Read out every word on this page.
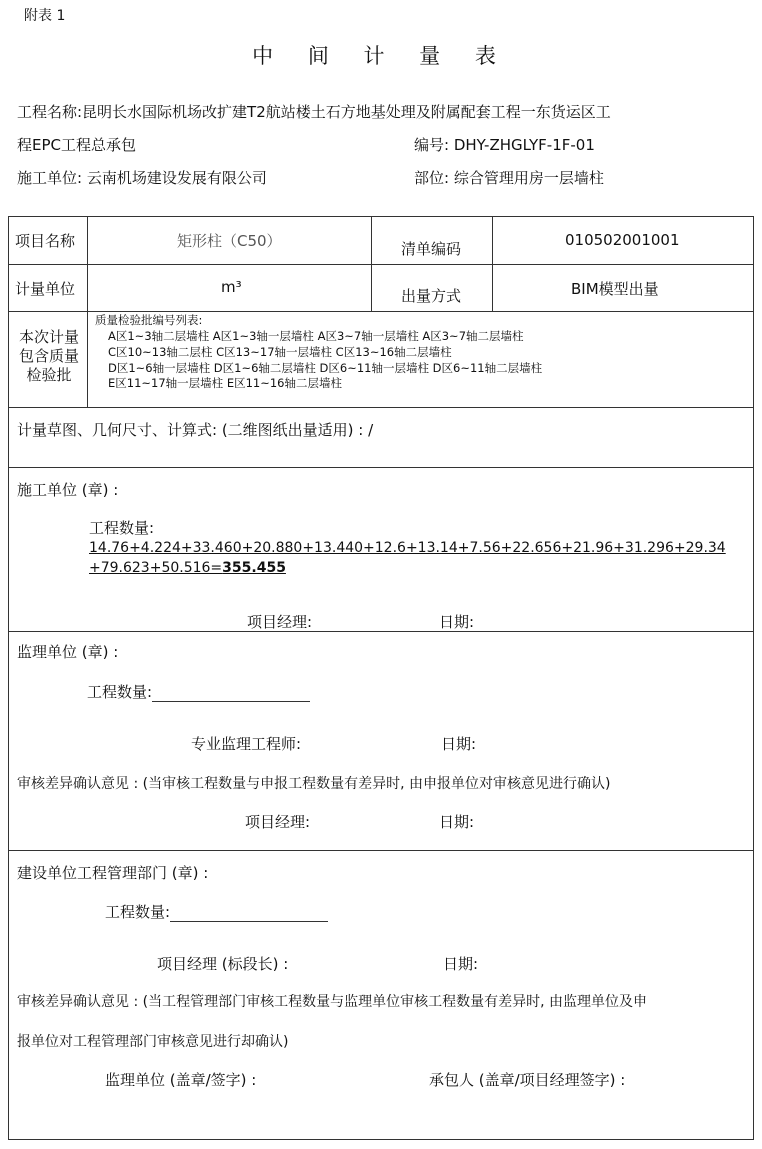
附表 1
中 间 计 量 表
工程名称:昆明长水国际机场改扩建T2航站楼土石方地基处理及附属配套工程一东货运区工
程EPC工程总承包	编号: DHY-ZHGLYF-1F-01
施工单位: 云南机场建设发展有限公司	部位: 综合管理用房一层墙柱
项目名称	矩形柱（C50）	清单编码	010502001001
计量单位	m³	出量方式	BIM模型出量
本次计量包含质量检验批
质量检验批编号列表:
A区1~3轴二层墙柱 A区1~3轴一层墙柱 A区3~7轴一层墙柱 A区3~7轴二层墙柱
C区10~13轴二层柱 C区13~17轴一层墙柱 C区13~16轴二层墙柱
D区1~6轴一层墙柱 D区1~6轴二层墙柱 D区6~11轴一层墙柱 D区6~11轴二层墙柱
E区11~17轴一层墙柱 E区11~16轴二层墙柱
计量草图、几何尺寸、计算式: (二维图纸出量适用) : /
施工单位 (章) :
工程数量:
14.76+4.224+33.460+20.880+13.440+12.6+13.14+7.56+22.656+21.96+31.296+29.34
+79.623+50.516=355.455
项目经理:	日期:
监理单位 (章) :
工程数量:
专业监理工程师:	日期:
审核差异确认意见 : (当审核工程数量与申报工程数量有差异时, 由申报单位对审核意见进行确认)
项目经理:	日期:
建设单位工程管理部门 (章) :
工程数量:
项目经理 (标段长) :	日期:
审核差异确认意见 : (当工程管理部门审核工程数量与监理单位审核工程数量有差异时, 由监理单位及申
报单位对工程管理部门审核意见进行却确认)
监理单位 (盖章/签字) :	承包人 (盖章/项目经理签字) :
